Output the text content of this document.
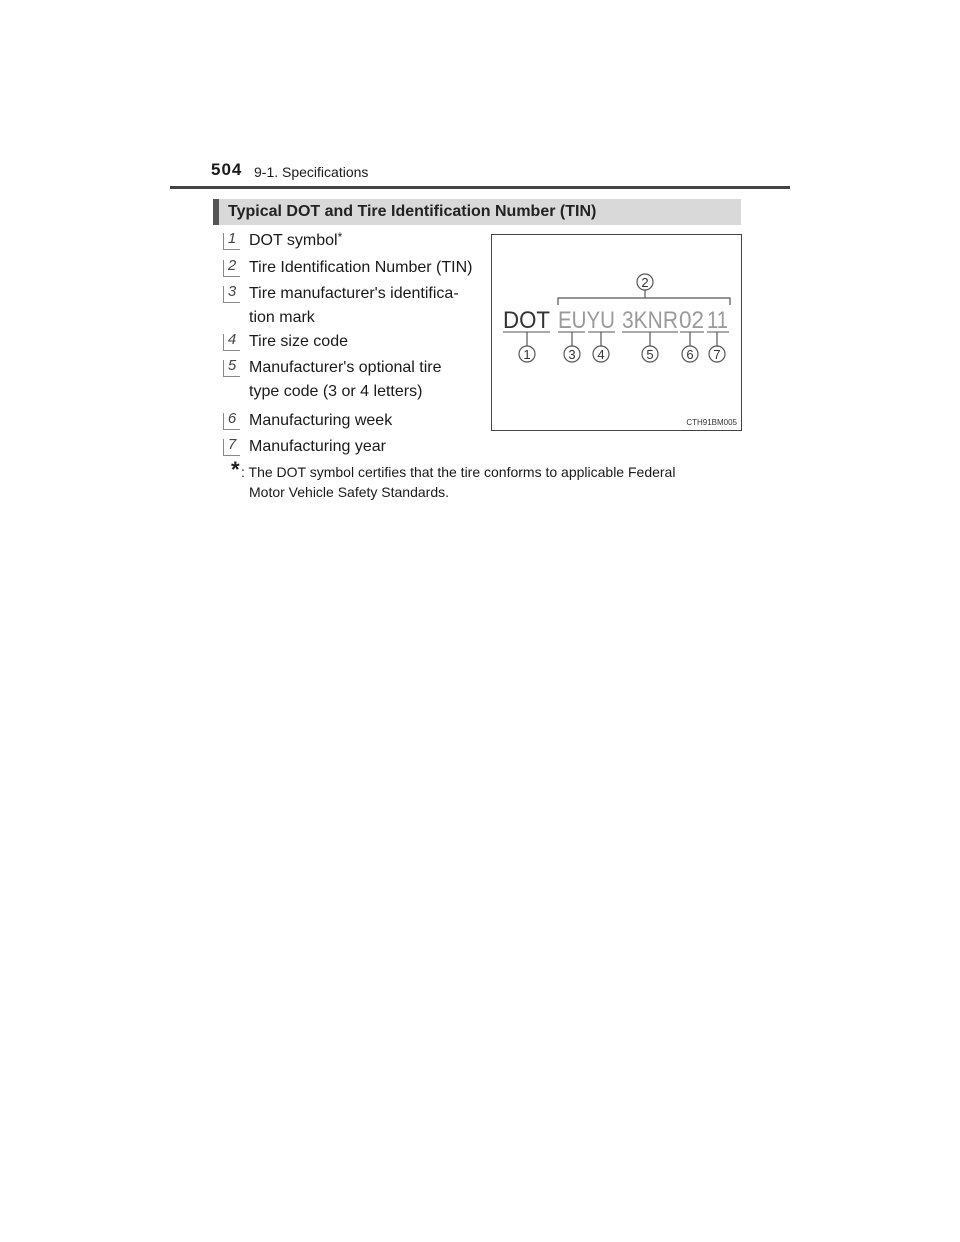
504 9-1. Specifications
Typical DOT and Tire Identification Number (TIN)
1 DOT symbol*
2 Tire Identification Number (TIN)
3 Tire manufacturer's identifica-
tion mark
4 Tire size code
5 Manufacturer's optional tire
type code (3 or 4 letters)
6 Manufacturing week
7 Manufacturing year
* : The DOT symbol certifies that the tire conforms to applicable Federal
Motor Vehicle Safety Standards.
2
DOT EUYU 3KNR 02 11
1	3 4	5	6 7
CTH91BM005
